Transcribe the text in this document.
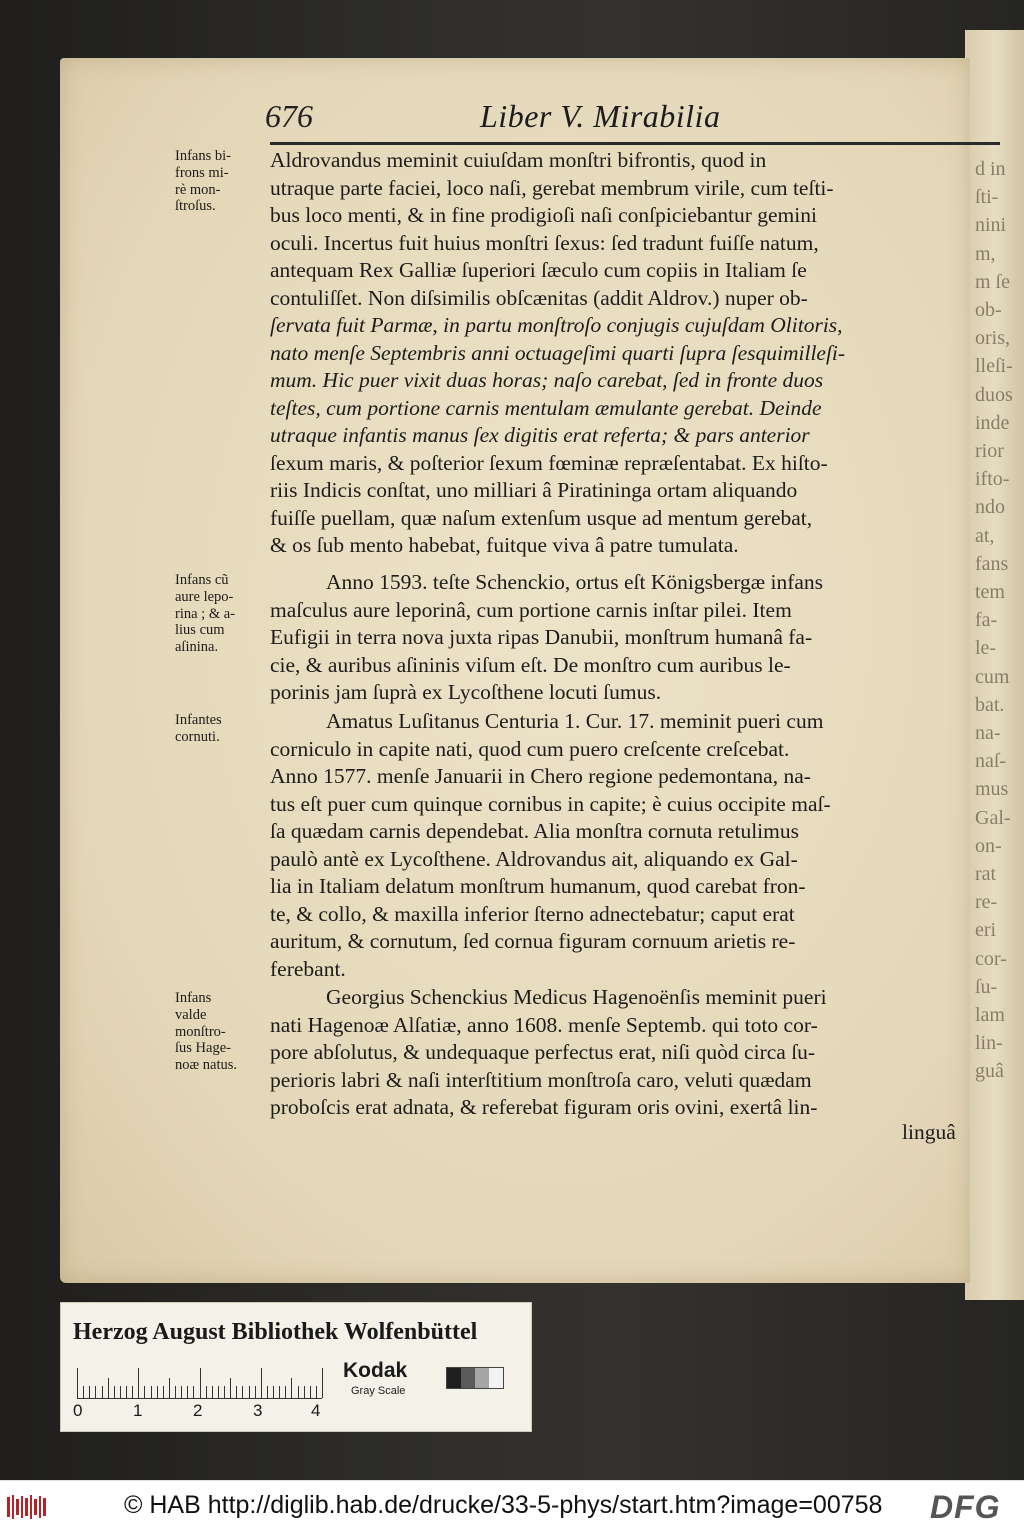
d in
ſti-
nini
m,
m ſe
ob-
oris,
lleſi-
duos
inde
rior
ifto-
ndo
at,
fans
tem
fa-
le-
cum
bat.
na-
naſ-
mus
Gal-
on-
rat
re-
eri
cor-
ſu-
lam
lin-
guâ
676	Liber V. Mirabilia
Infans bi-
frons mi-
rè mon-
ſtroſus.
Infans cũ
aure lepo-
rina ; & a-
lius cum
aſinina.
Infantes
cornuti.
Infans
valde
monſtro-
ſus Hage-
noæ natus.
Aldrovandus meminit cuiuſdam monſtri bifrontis, quod in
utraque parte faciei, loco naſi, gerebat membrum virile, cum teſti-
bus loco menti, & in fine prodigioſi naſi conſpiciebantur gemini
oculi. Incertus fuit huius monſtri ſexus: ſed tradunt fuiſſe natum,
antequam Rex Galliæ ſuperiori ſæculo cum copiis in Italiam ſe
contuliſſet. Non diſsimilis obſcænitas (addit Aldrov.) nuper ob-
ſervata fuit Parmæ, in partu monſtroſo conjugis cujuſdam Olitoris,
nato menſe Septembris anni octuageſimi quarti ſupra ſesquimilleſi-
mum. Hic puer vixit duas horas; naſo carebat, ſed in fronte duos
teſtes, cum portione carnis mentulam æmulante gerebat. Deinde
utraque infantis manus ſex digitis erat referta; & pars anterior
ſexum maris, & poſterior ſexum fœminæ repræſentabat. Ex hiſto-
riis Indicis conſtat, uno milliari â Piratininga ortam aliquando
fuiſſe puellam, quæ naſum extenſum usque ad mentum gerebat,
& os ſub mento habebat, fuitque viva â patre tumulata.
Anno 1593. teſte Schenckio, ortus eſt Königsbergæ infans
maſculus aure leporinâ, cum portione carnis inſtar pilei. Item
Eufigii in terra nova juxta ripas Danubii, monſtrum humanâ fa-
cie, & auribus aſininis viſum eſt. De monſtro cum auribus le-
porinis jam ſuprà ex Lycoſthene locuti ſumus.
Amatus Luſitanus Centuria 1. Cur. 17. meminit pueri cum
corniculo in capite nati, quod cum puero creſcente creſcebat.
Anno 1577. menſe Januarii in Chero regione pedemontana, na-
tus eſt puer cum quinque cornibus in capite; è cuius occipite maſ-
ſa quædam carnis dependebat. Alia monſtra cornuta retulimus
paulò antè ex Lycoſthene. Aldrovandus ait, aliquando ex Gal-
lia in Italiam delatum monſtrum humanum, quod carebat fron-
te, & collo, & maxilla inferior ſterno adnectebatur; caput erat
auritum, & cornutum, ſed cornua figuram cornuum arietis re-
ferebant.
Georgius Schenckius Medicus Hagenoënſis meminit pueri
nati Hagenoæ Alſatiæ, anno 1608. menſe Septemb. qui toto cor-
pore abſolutus, & undequaque perfectus erat, niſi quòd circa ſu-
perioris labri & naſi interſtitium monſtroſa caro, veluti quædam
proboſcis erat adnata, & referebat figuram oris ovini, exertâ lin-
linguâ
Herzog August Bibliothek Wolfenbüttel
0	1	2	3	4
Kodak
Gray Scale
© HAB http://diglib.hab.de/drucke/33-5-phys/start.htm?image=00758 DFG
